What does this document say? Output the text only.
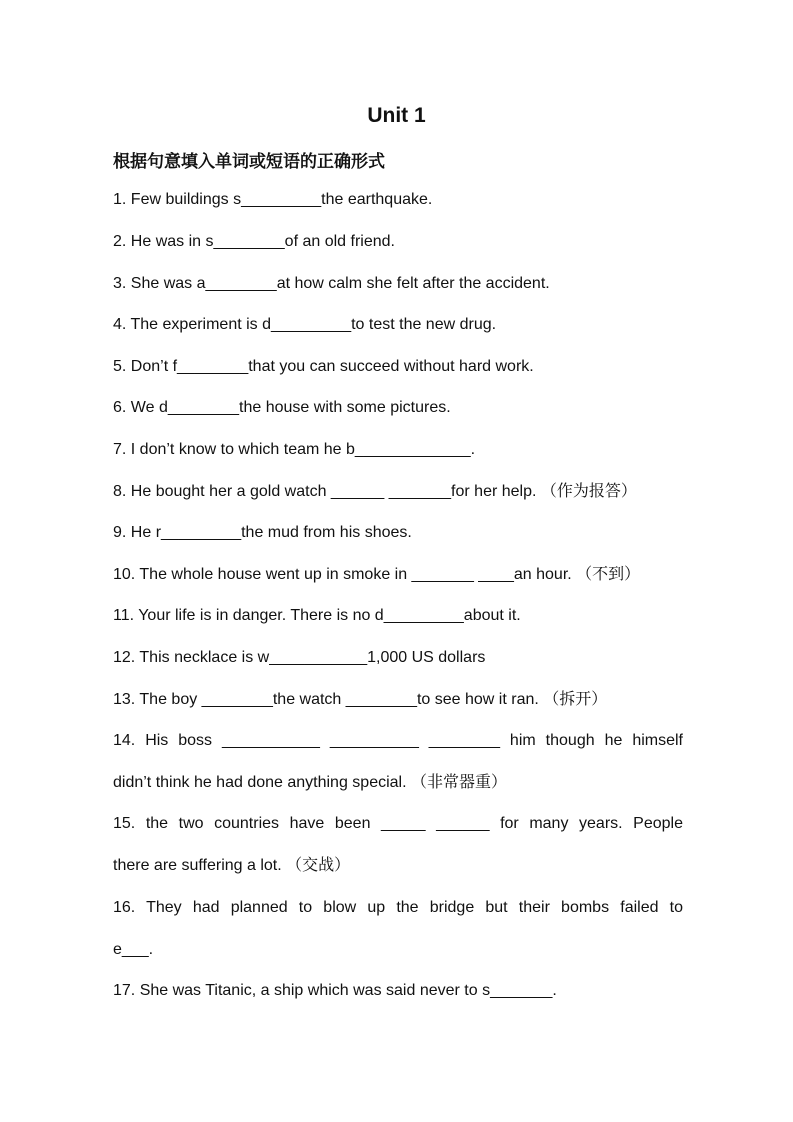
Unit 1
根据句意填入单词或短语的正确形式
1. Few buildings s_________the earthquake.
2. He was in s________of an old friend.
3. She was a________at how calm she felt after the accident.
4. The experiment is d_________to test the new drug.
5. Don’t f________that you can succeed without hard work.
6. We d________the house with some pictures.
7. I don’t know to which team he b_____________.
8. He bought her a gold watch ______ _______for her help. （作为报答）
9. He r_________the mud from his shoes.
10. The whole house went up in smoke in _______ ____an hour. （不到）
11. Your life is in danger. There is no d_________about it.
12. This necklace is w___________1,000 US dollars
13. The boy ________the watch ________to see how it ran. （拆开）
14. His boss ___________ __________ ________ him though he himself
didn’t think he had done anything special. （非常器重）
15. the two countries have been _____ ______ for many years. People
there are suffering a lot. （交战）
16. They had planned to blow up the bridge but their bombs failed to
e___.
17. She was Titanic, a ship which was said never to s_______.
